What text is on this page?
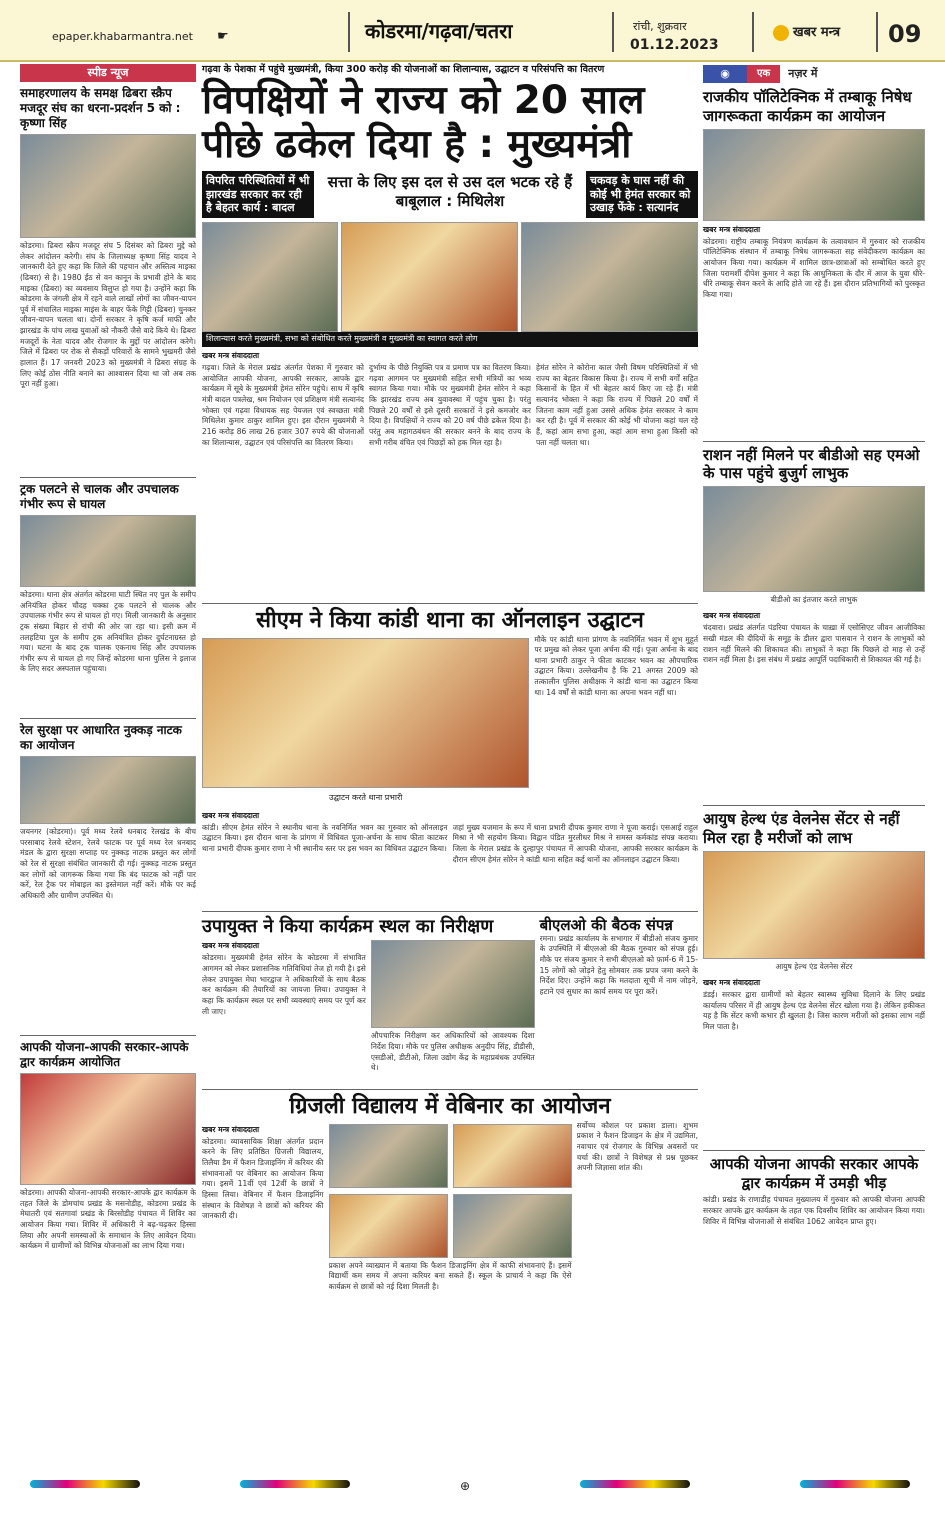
epaper.khabarmantra.net ☛	कोडरमा/गढ़वा/चतरा	रांची, शुक्रवार
01.12.2023
खबर मन्त्र 09
स्पीड न्यूज
समाहरणालय के समक्ष ढिबरा स्क्रैप मजदूर संघ का धरना-प्रदर्शन 5 को : कृष्णा सिंह
कोडरमा। ढिबरा स्क्रैप मजदूर संघ 5 दिसंबर को ढिबरा मुद्दे को लेकर आंदोलन करेगी। संघ के जिलाध्यक्ष कृष्णा सिंह यादव ने जानकारी देते हुए कहा कि जिले की पहचान और अस्तित्व माइका (ढिबरा) से है। 1980 ईंठ से वन कानून के प्रभावी होने के बाद माइका (ढिबरा) का व्यवसाय विलुप्त हो गया है। उन्होंने कहा कि कोडरमा के जंगली क्षेत्र में रहने वाले लाखों लोगों का जीवन-यापन पूर्व में संचालित माइका माइंस के बाहर फेंके गिट्टी (ढिबरा) चुनकर जीवन-यापन चलता था। दोनों सरकार ने कृषि कर्ज माफी और झारखंड के पांच लाख युवाओं को नौकरी जैसे वादे किये थे। ढिबरा मजदूरों के नेता यादव और रोजगार के मुद्दों पर आंदोलन करेगे। जिले में ढिबरा पर रोक से सैकड़ों परिवारों के सामने भुखमरी जैसे हालात हैं। 17 जनवरी 2023 को मुख्यमंत्री ने ढिबरा संग्रह के लिए कोई ठोस नीति बनाने का आश्वासन दिया था जो अब तक पूरा नहीं हुआ।
ट्रक पलटने से चालक और उपचालक गंभीर रूप से घायल
कोडरमा। थाना क्षेत्र अंतर्गत कोडरमा घाटी स्थित नए पुल के समीप अनियंत्रित होकर चौदह चक्का ट्रक पलटने से चालक और उपचालक गंभीर रूप से घायल हो गए। मिली जानकारी के अनुसार ट्रक संख्या बिहार से रांची की ओर जा रहा था। इसी क्रम में तलहटिया पुल के समीप ट्रक अनियंत्रित होकर दुर्घटनाग्रस्त हो गया। घटना के बाद ट्रक चालक एकनाथ सिंह और उपचालक गंभीर रूप से घायल हो गए जिन्हें कोडरमा थाना पुलिस ने इलाज के लिए सदर अस्पताल पहुंचाया।
रेल सुरक्षा पर आधारित नुक्कड़ नाटक का आयोजन
जयनगर (कोडरमा)। पूर्व मध्य रेलवे धनबाद रेलखंड के बीच परसाबाद रेलवे स्टेशन, रेलवे फाटक पर पूर्व मध्य रेल धनबाद मंडल के द्वारा सुरक्षा सप्ताह पर नुक्कड़ नाटक प्रस्तुत कर लोगों को रेल से सुरक्षा संबंधित जानकारी दी गई। नुक्कड़ नाटक प्रस्तुत कर लोगों को जागरूक किया गया कि बंद फाटक को नहीं पार करें, रेल ट्रैक पर मोबाइल का इस्तेमाल नहीं करें। मौके पर कई अधिकारी और ग्रामीण उपस्थित थे।
आपकी योजना-आपकी सरकार-आपके द्वार कार्यक्रम आयोजित
कोडरमा। आपकी योजना-आपकी सरकार-आपके द्वार कार्यक्रम के तहत जिले के डोमचांच प्रखंड के मसनोडीह, कोडरमा प्रखंड के मेघातरी एवं सतगावां प्रखंड के बिरसोडीह पंचायत में शिविर का आयोजन किया गया। शिविर में अधिकारी ने बढ़-चढ़कर हिस्सा लिया और अपनी समस्याओं के समाधान के लिए आवेदन दिया। कार्यक्रम में ग्रामीणों को विभिन्न योजनाओं का लाभ दिया गया।
गढ़वा के पेशका में पहुंचे मुख्यमंत्री, किया 300 करोड़ की योजनाओं का शिलान्यास, उद्घाटन व परिसंपत्ति का वितरण
विपक्षियों ने राज्य को 20 साल
पीछे ढकेल दिया है : मुख्यमंत्री
विपरित परिस्थितियों में भी झारखंड सरकार कर रही है बेहतर कार्य : बादल
सत्ता के लिए इस दल से उस दल भटक रहे हैं बाबूलाल : मिथिलेश
चकवड़ के घास नहीं की कोई भी हेमंत सरकार को उखाड़ फेंके : सत्यानंद
शिलान्यास करते मुख्यमंत्री, सभा को संबोधित करते मुख्यमंत्री व मुख्यमंत्री का स्वागत करते लोग
खबर मन्त्र संवाददाता
गढ़वा। जिले के मेराल प्रखंड अंतर्गत पेशका में गुरुवार को आयोजित आपकी योजना, आपकी सरकार, आपके द्वार कार्यक्रम में सूबे के मुख्यमंत्री हेमंत सोरेन पहुंचे। साथ में कृषि मंत्री बादल पत्रलेख, श्रम नियोजन एवं प्रशिक्षण मंत्री सत्यानंद भोक्ता एवं गढ़वा विधायक सह पेयजल एवं स्वच्छता मंत्री मिथिलेश कुमार ठाकुर शामिल हुए। इस दौरान मुख्यमंत्री ने 216 करोड़ 86 लाख 26 हजार 307 रुपये की योजनाओं का शिलान्यास, उद्घाटन एवं परिसंपत्ति का वितरण किया।
दुर्भाग्य के पीछे नियुक्ति पत्र व प्रमाण पत्र का वितरण किया। गढ़वा आगमन पर मुख्यमंत्री सहित सभी मंत्रियों का भव्य स्वागत किया गया। मौके पर मुख्यमंत्री हेमंत सोरेन ने कहा कि झारखंड राज्य अब युवावस्था में पहुंच चुका है। परंतु पिछले 20 वर्षों से इसे दूसरी सरकारों ने इसे कमजोर कर दिया है। विपक्षियों ने राज्य को 20 वर्ष पीछे ढकेल दिया है। परंतु अब महागठबंधन की सरकार बनने के बाद राज्य के सभी गरीब वंचित एवं पिछड़ों को हक मिल रहा है।
हेमंत सोरेन ने कोरोना काल जैसी विषम परिस्थितियों में भी राज्य का बेहतर विकास किया है। राज्य में सभी वर्गों सहित किसानों के हित में भी बेहतर कार्य किए जा रहे हैं। मंत्री सत्यानंद भोक्ता ने कहा कि राज्य में पिछले 20 वर्षों में जितना काम नहीं हुआ उससे अधिक हेमंत सरकार ने काम कर रही है। पूर्व में सरकार की कोई भी योजना कहां चल रहे हैं, कहां आम सभा हुआ, कहां आम सभा हुआ किसी को पता नहीं चलता था।
सीएम ने किया कांडी थाना का ऑनलाइन उद्घाटन
उद्घाटन करते थाना प्रभारी
मौके पर कांडी थाना प्रांगण के नवनिर्मित भवन में शुभ मुहूर्त पर प्रमुख को लेकर पूजा अर्चना की गई। पूजा अर्चना के बाद थाना प्रभारी ठाकुर ने फीता काटकर भवन का औपचारिक उद्घाटन किया। उल्लेखनीय है कि 21 अगस्त 2009 को तत्कालीन पुलिस अधीक्षक ने कांडी थाना का उद्घाटन किया था। 14 वर्षों से कांडी थाना का अपना भवन नहीं था।
खबर मन्त्र संवाददाता
कांडी। सीएम हेमंत सोरेन ने स्थानीय थाना के नवनिर्मित भवन का गुरुवार को ऑनलाइन उद्घाटन किया। इस दौरान थाना के प्रांगण में विधिवत पूजा-अर्चना के साथ फीता काटकर थाना प्रभारी दीपक कुमार राणा ने भी स्थानीय स्तर पर इस भवन का विधिवत उद्घाटन किया।
जहां मुख्य यजमान के रूप में थाना प्रभारी दीपक कुमार राणा ने पूजा कराई। एसआई राहुल मिश्रा ने भी सहयोग किया। विद्वान पंडित मुरलीधर मिश्र ने समस्त कर्मकांड संपन्न कराया। जिला के मेराल प्रखंड के दुल्हापुर पंचायत में आपकी योजना, आपकी सरकार कार्यक्रम के दौरान सीएम हेमंत सोरेन ने कांडी थाना सहित कई थानों का ऑनलाइन उद्घाटन किया।
उपायुक्त ने किया कार्यक्रम स्थल का निरीक्षण
खबर मन्त्र संवाददाता
कोडरमा। मुख्यमंत्री हेमंत सोरेन के कोडरमा में संभावित आगमन को लेकर प्रशासनिक गतिविधियां तेज हो गयी है। इसे लेकर उपायुक्त मेघा भारद्वाज ने अधिकारियों के साथ बैठक कर कार्यक्रम की तैयारियों का जायजा लिया। उपायुक्त ने कहा कि कार्यक्रम स्थल पर सभी व्यवस्थाएं समय पर पूर्ण कर ली जाए।
औपचारिक निरीक्षण कर अधिकारियों को आवश्यक दिशा निर्देश दिया। मौके पर पुलिस अधीक्षक अनुदीप सिंह, डीडीसी, एसडीओ, डीटीओ, जिला उद्योग केंद्र के महाप्रबंधक उपस्थित थे।
बीएलओ की बैठक संपन्न
रमना। प्रखंड कार्यालय के सभागार में बीडीओ संजय कुमार के उपस्थिति में बीएलओ की बैठक गुरुवार को संपन्न हुई। मौके पर संजय कुमार ने सभी बीएलओ को फ़ार्म-6 में 15-15 लोगों को जोड़ने हेतु सोमवार तक प्रपत्र जमा करने के निर्देश दिए। उन्होंने कहा कि मतदाता सूची में नाम जोड़ने, हटाने एवं सुधार का कार्य समय पर पूरा करें।
ग्रिजली विद्यालय में वेबिनार का आयोजन
खबर मन्त्र संवाददाता
कोडरमा। व्यावसायिक शिक्षा अंतर्गत प्रदान करने के लिए प्रतिष्ठित ग्रिजली विद्यालय, तिलैया डैम में फैशन डिजाइनिंग में करियर की संभावनाओं पर वेबिनार का आयोजन किया गया। इसमें 11वीं एवं 12वीं के छात्रों ने हिस्सा लिया। वेबिनार में फैशन डिजाइनिंग संस्थान के विशेषज्ञ ने छात्रों को करियर की जानकारी दी।
प्रकाश अपने व्याख्यान में बताया कि फैशन डिजाइनिंग क्षेत्र में काफी संभावनाएं हैं। इसमें विद्यार्थी कम समय में अपना करियर बना सकते हैं। स्कूल के प्राचार्य ने कहा कि ऐसे कार्यक्रम से छात्रों को नई दिशा मिलती है।
सर्वोच्च कौशल पर प्रकाश डाला। शुभम प्रकाश ने फैशन डिजाइन के क्षेत्र में उद्यमिता, नवाचार एवं रोजगार के विभिन्न अवसरों पर चर्चा की। छात्रों ने विशेषज्ञ से प्रश्न पूछकर अपनी जिज्ञासा शांत की।
◉	एक	नज़र में
राजकीय पॉलिटेक्निक में तम्बाकू निषेध जागरूकता कार्यक्रम का आयोजन
खबर मन्त्र संवाददाता
कोडरमा। राष्ट्रीय तम्बाकू नियंत्रण कार्यक्रम के तत्वावधान में गुरुवार को राजकीय पॉलिटेक्निक संस्थान में तम्बाकू निषेध जागरूकता सह संवेदीकरण कार्यक्रम का आयोजन किया गया। कार्यक्रम में शामिल छात्र-छात्राओं को सम्बोधित करते हुए जिला परामर्शी दीपेश कुमार ने कहा कि आधुनिकता के दौर में आज के युवा धीरे-धीरे तम्बाकू सेवन करने के आदि होते जा रहे हैं। इस दौरान प्रतिभागियों को पुरस्कृत किया गया।
राशन नहीं मिलने पर बीडीओ सह एमओ के पास पहुंचे बुजुर्ग लाभुक
बीडीओ का इंतजार करते लाभुक
खबर मन्त्र संवाददाता
चंदवारा। प्रखंड अंतर्गत पंडरिया पंचायत के चाख़ा में एसोसिएट जीवन आजीविका सखी मंडल की दीदियों के समूह के डीलर द्वारा पासवान ने राशन के लाभुकों को राशन नहीं मिलने की शिकायत की। लाभुकों ने कहा कि पिछले दो माह से उन्हें राशन नहीं मिला है। इस संबंध में प्रखंड आपूर्ति पदाधिकारी से शिकायत की गई है।
आयुष हेल्थ एंड वेलनेस सेंटर से नहीं मिल रहा है मरीजों को लाभ
आयुष हेल्थ एंड वेलनेस सेंटर
खबर मन्त्र संवाददाता
डंडई। सरकार द्वारा ग्रामीणों को बेहतर स्वास्थ्य सुविधा दिलाने के लिए प्रखंड कार्यालय परिसर में ही आयुष हेल्थ एंड वेलनेस सेंटर खोला गया है। लेकिन हकीकत यह है कि सेंटर कभी कभार ही खुलता है। जिस कारण मरीजों को इसका लाभ नहीं मिल पाता है।
आपकी योजना आपकी सरकार आपके द्वार कार्यक्रम में उमड़ी भीड़
कांडी। प्रखंड के राणाडीह पंचायत मुख्यालय में गुरुवार को आपकी योजना आपकी सरकार आपके द्वार कार्यक्रम के तहत एक दिवसीय शिविर का आयोजन किया गया। शिविर में विभिन्न योजनाओं से संबंधित 1062 आवेदन प्राप्त हुए।
⊕
